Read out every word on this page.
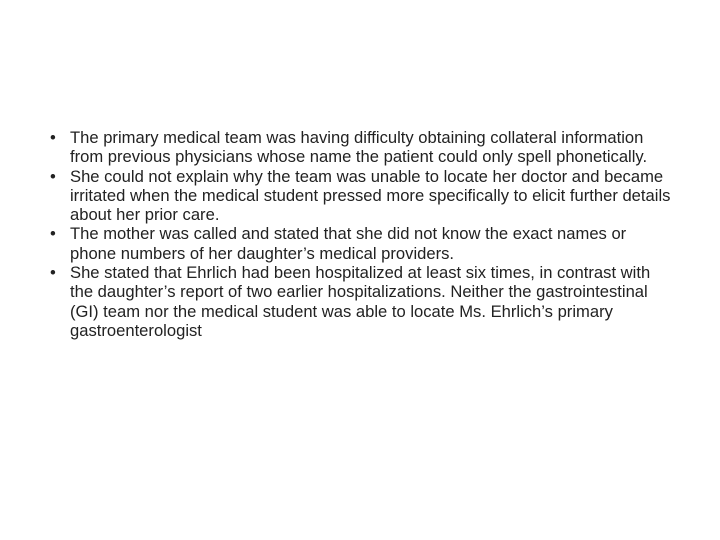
• The primary medical team was having difficulty obtaining collateral information from previous physicians whose name the patient could only spell phonetically.
• She could not explain why the team was unable to locate her doctor and became irritated when the medical student pressed more specifically to elicit further details about her prior care.
• The mother was called and stated that she did not know the exact names or phone numbers of her daughter’s medical providers.
• She stated that Ehrlich had been hospitalized at least six times, in contrast with the daughter’s report of two earlier hospitalizations. Neither the gastrointestinal (GI) team nor the medical student was able to locate Ms. Ehrlich’s primary gastroenterologist
